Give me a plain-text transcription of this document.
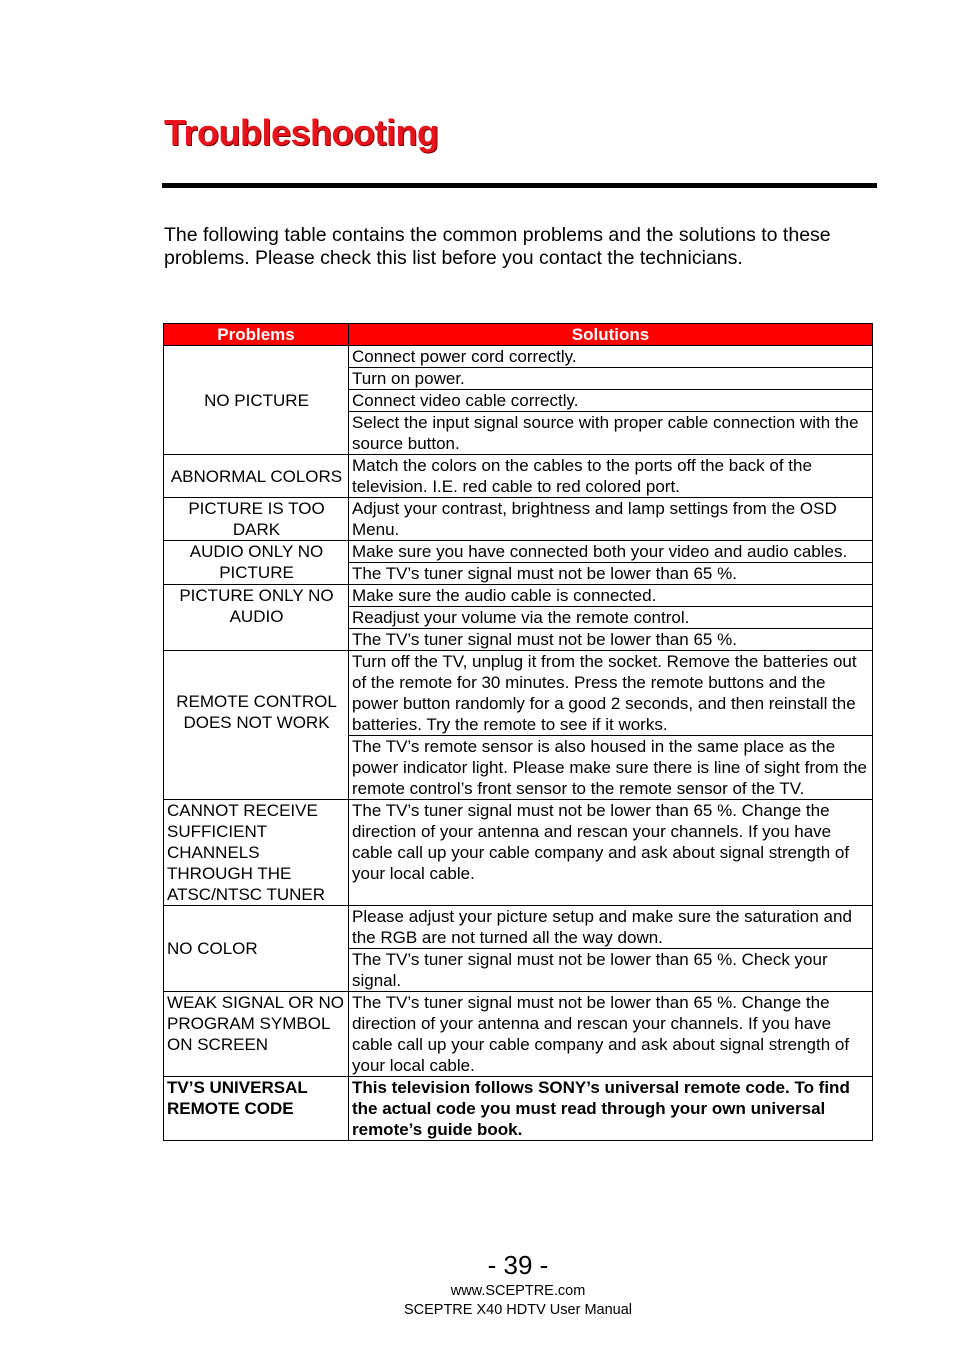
Troubleshooting

The following table contains the common problems and the solutions to these problems. Please check this list before you contact the technicians.

Problems	Solutions
NO PICTURE	Connect power cord correctly.
	Turn on power.
	Connect video cable correctly.
	Select the input signal source with proper cable connection with the source button.
ABNORMAL COLORS	Match the colors on the cables to the ports off the back of the television. I.E. red cable to red colored port.
PICTURE IS TOO DARK	Adjust your contrast, brightness and lamp settings from the OSD Menu.
AUDIO ONLY NO PICTURE	Make sure you have connected both your video and audio cables.
	The TV’s tuner signal must not be lower than 65 %.
PICTURE ONLY NO AUDIO	Make sure the audio cable is connected.
	Readjust your volume via the remote control.
	The TV’s tuner signal must not be lower than 65 %.
REMOTE CONTROL DOES NOT WORK	Turn off the TV, unplug it from the socket. Remove the batteries out of the remote for 30 minutes. Press the remote buttons and the power button randomly for a good 2 seconds, and then reinstall the batteries. Try the remote to see if it works.
	The TV’s remote sensor is also housed in the same place as the power indicator light. Please make sure there is line of sight from the remote control’s front sensor to the remote sensor of the TV.
CANNOT RECEIVE SUFFICIENT CHANNELS THROUGH THE ATSC/NTSC TUNER	The TV’s tuner signal must not be lower than 65 %. Change the direction of your antenna and rescan your channels. If you have cable call up your cable company and ask about signal strength of your local cable.
NO COLOR	Please adjust your picture setup and make sure the saturation and the RGB are not turned all the way down.
	The TV’s tuner signal must not be lower than 65 %. Check your signal.
WEAK SIGNAL OR NO PROGRAM SYMBOL ON SCREEN	The TV’s tuner signal must not be lower than 65 %. Change the direction of your antenna and rescan your channels. If you have cable call up your cable company and ask about signal strength of your local cable.
TV’S UNIVERSAL REMOTE CODE	This television follows SONY’s universal remote code. To find the actual code you must read through your own universal remote’s guide book.
- 39 -
www.SCEPTRE.com
SCEPTRE X40 HDTV User Manual
